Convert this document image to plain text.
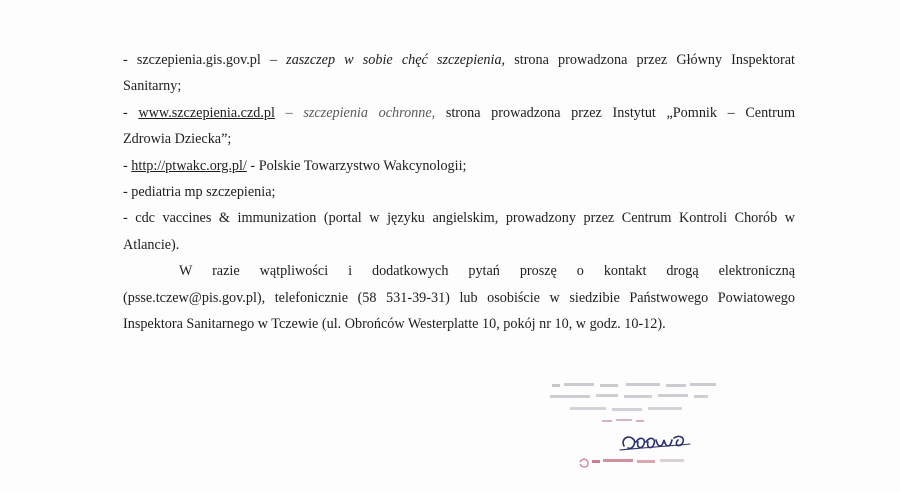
- szczepienia.gis.gov.pl – zaszczep w sobie chęć szczepienia, strona prowadzona przez Główny Inspektorat
Sanitarny;
- www.szczepienia.czd.pl – szczepienia ochronne, strona prowadzona przez Instytut „Pomnik – Centrum
Zdrowia Dziecka”;
- http://ptwakc.org.pl/ - Polskie Towarzystwo Wakcynologii;
- pediatria mp szczepienia;
- cdc vaccines & immunization (portal w języku angielskim, prowadzony przez Centrum Kontroli Chorób w
Atlancie).
W razie wątpliwości i dodatkowych pytań proszę o kontakt drogą elektroniczną
(psse.tczew@pis.gov.pl), telefonicznie (58 531-39-31) lub osobiście w siedzibie Państwowego Powiatowego
Inspektora Sanitarnego w Tczewie (ul. Obrońców Westerplatte 10, pokój nr 10, w godz. 10-12).
